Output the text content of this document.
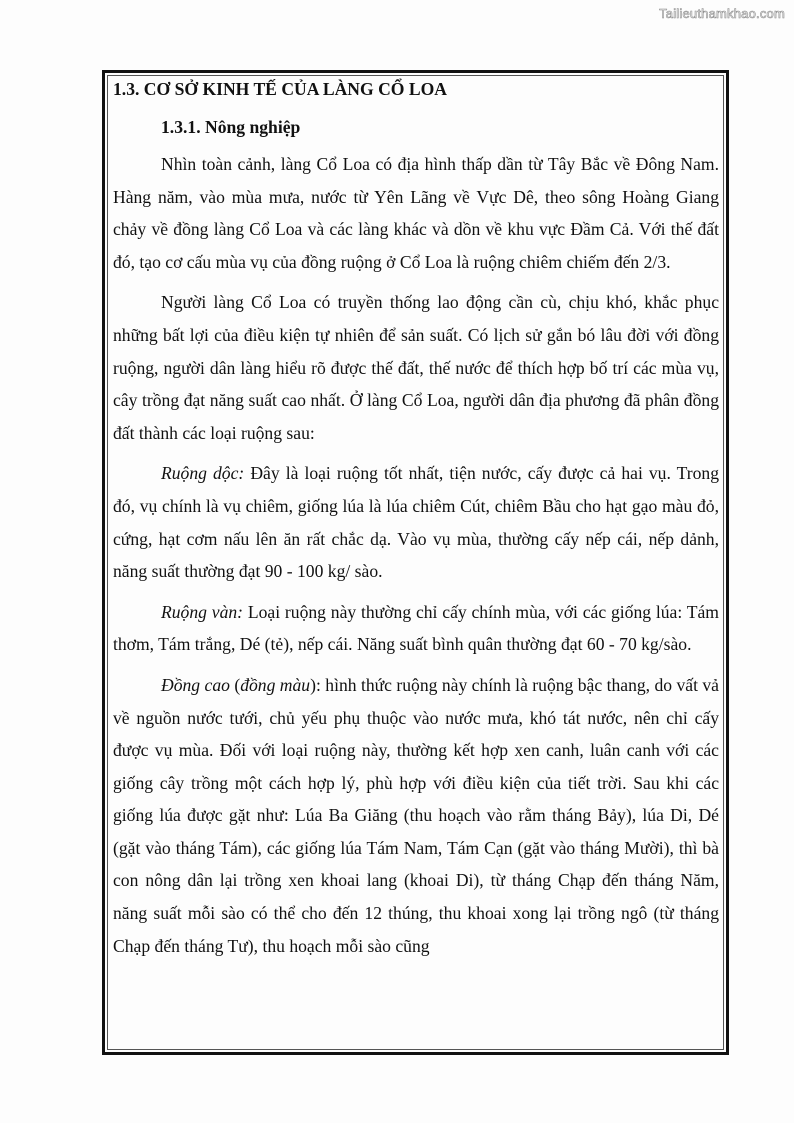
Tailieuthamkhao.com
1.3. CƠ SỞ KINH TẾ CỦA LÀNG CỔ LOA
1.3.1. Nông nghiệp

Nhìn toàn cảnh, làng Cổ Loa có địa hình thấp dần từ Tây Bắc về Đông Nam. Hàng năm, vào mùa mưa, nước từ Yên Lãng về Vực Dê, theo sông Hoàng Giang chảy về đồng làng Cổ Loa và các làng khác và dồn về khu vực Đầm Cả. Với thế đất đó, tạo cơ cấu mùa vụ của đồng ruộng ở Cổ Loa là ruộng chiêm chiếm đến 2/3.

Người làng Cổ Loa có truyền thống lao động cần cù, chịu khó, khắc phục những bất lợi của điều kiện tự nhiên để sản suất. Có lịch sử gắn bó lâu đời với đồng ruộng, người dân làng hiểu rõ được thế đất, thế nước để thích hợp bố trí các mùa vụ, cây trồng đạt năng suất cao nhất. Ở làng Cổ Loa, người dân địa phương đã phân đồng đất thành các loại ruộng sau:

Ruộng dộc: Đây là loại ruộng tốt nhất, tiện nước, cấy được cả hai vụ. Trong đó, vụ chính là vụ chiêm, giống lúa là lúa chiêm Cút, chiêm Bầu cho hạt gạo màu đỏ, cứng, hạt cơm nấu lên ăn rất chắc dạ. Vào vụ mùa, thường cấy nếp cái, nếp dảnh, năng suất thường đạt 90 - 100 kg/ sào.

Ruộng vàn: Loại ruộng này thường chỉ cấy chính mùa, với các giống lúa: Tám thơm, Tám trắng, Dé (tẻ), nếp cái. Năng suất bình quân thường đạt 60 - 70 kg/sào.

Đồng cao (đồng màu): hình thức ruộng này chính là ruộng bậc thang, do vất vả về nguồn nước tưới, chủ yếu phụ thuộc vào nước mưa, khó tát nước, nên chỉ cấy được vụ mùa. Đối với loại ruộng này, thường kết hợp xen canh, luân canh với các giống cây trồng một cách hợp lý, phù hợp với điều kiện của tiết trời. Sau khi các giống lúa được gặt như: Lúa Ba Giăng (thu hoạch vào rằm tháng Bảy), lúa Di, Dé (gặt vào tháng Tám), các giống lúa Tám Nam, Tám Cạn (gặt vào tháng Mười), thì bà con nông dân lại trồng xen khoai lang (khoai Di), từ tháng Chạp đến tháng Năm, năng suất mỗi sào có thể cho đến 12 thúng, thu khoai xong lại trồng ngô (từ tháng Chạp đến tháng Tư), thu hoạch mỗi sào cũng
